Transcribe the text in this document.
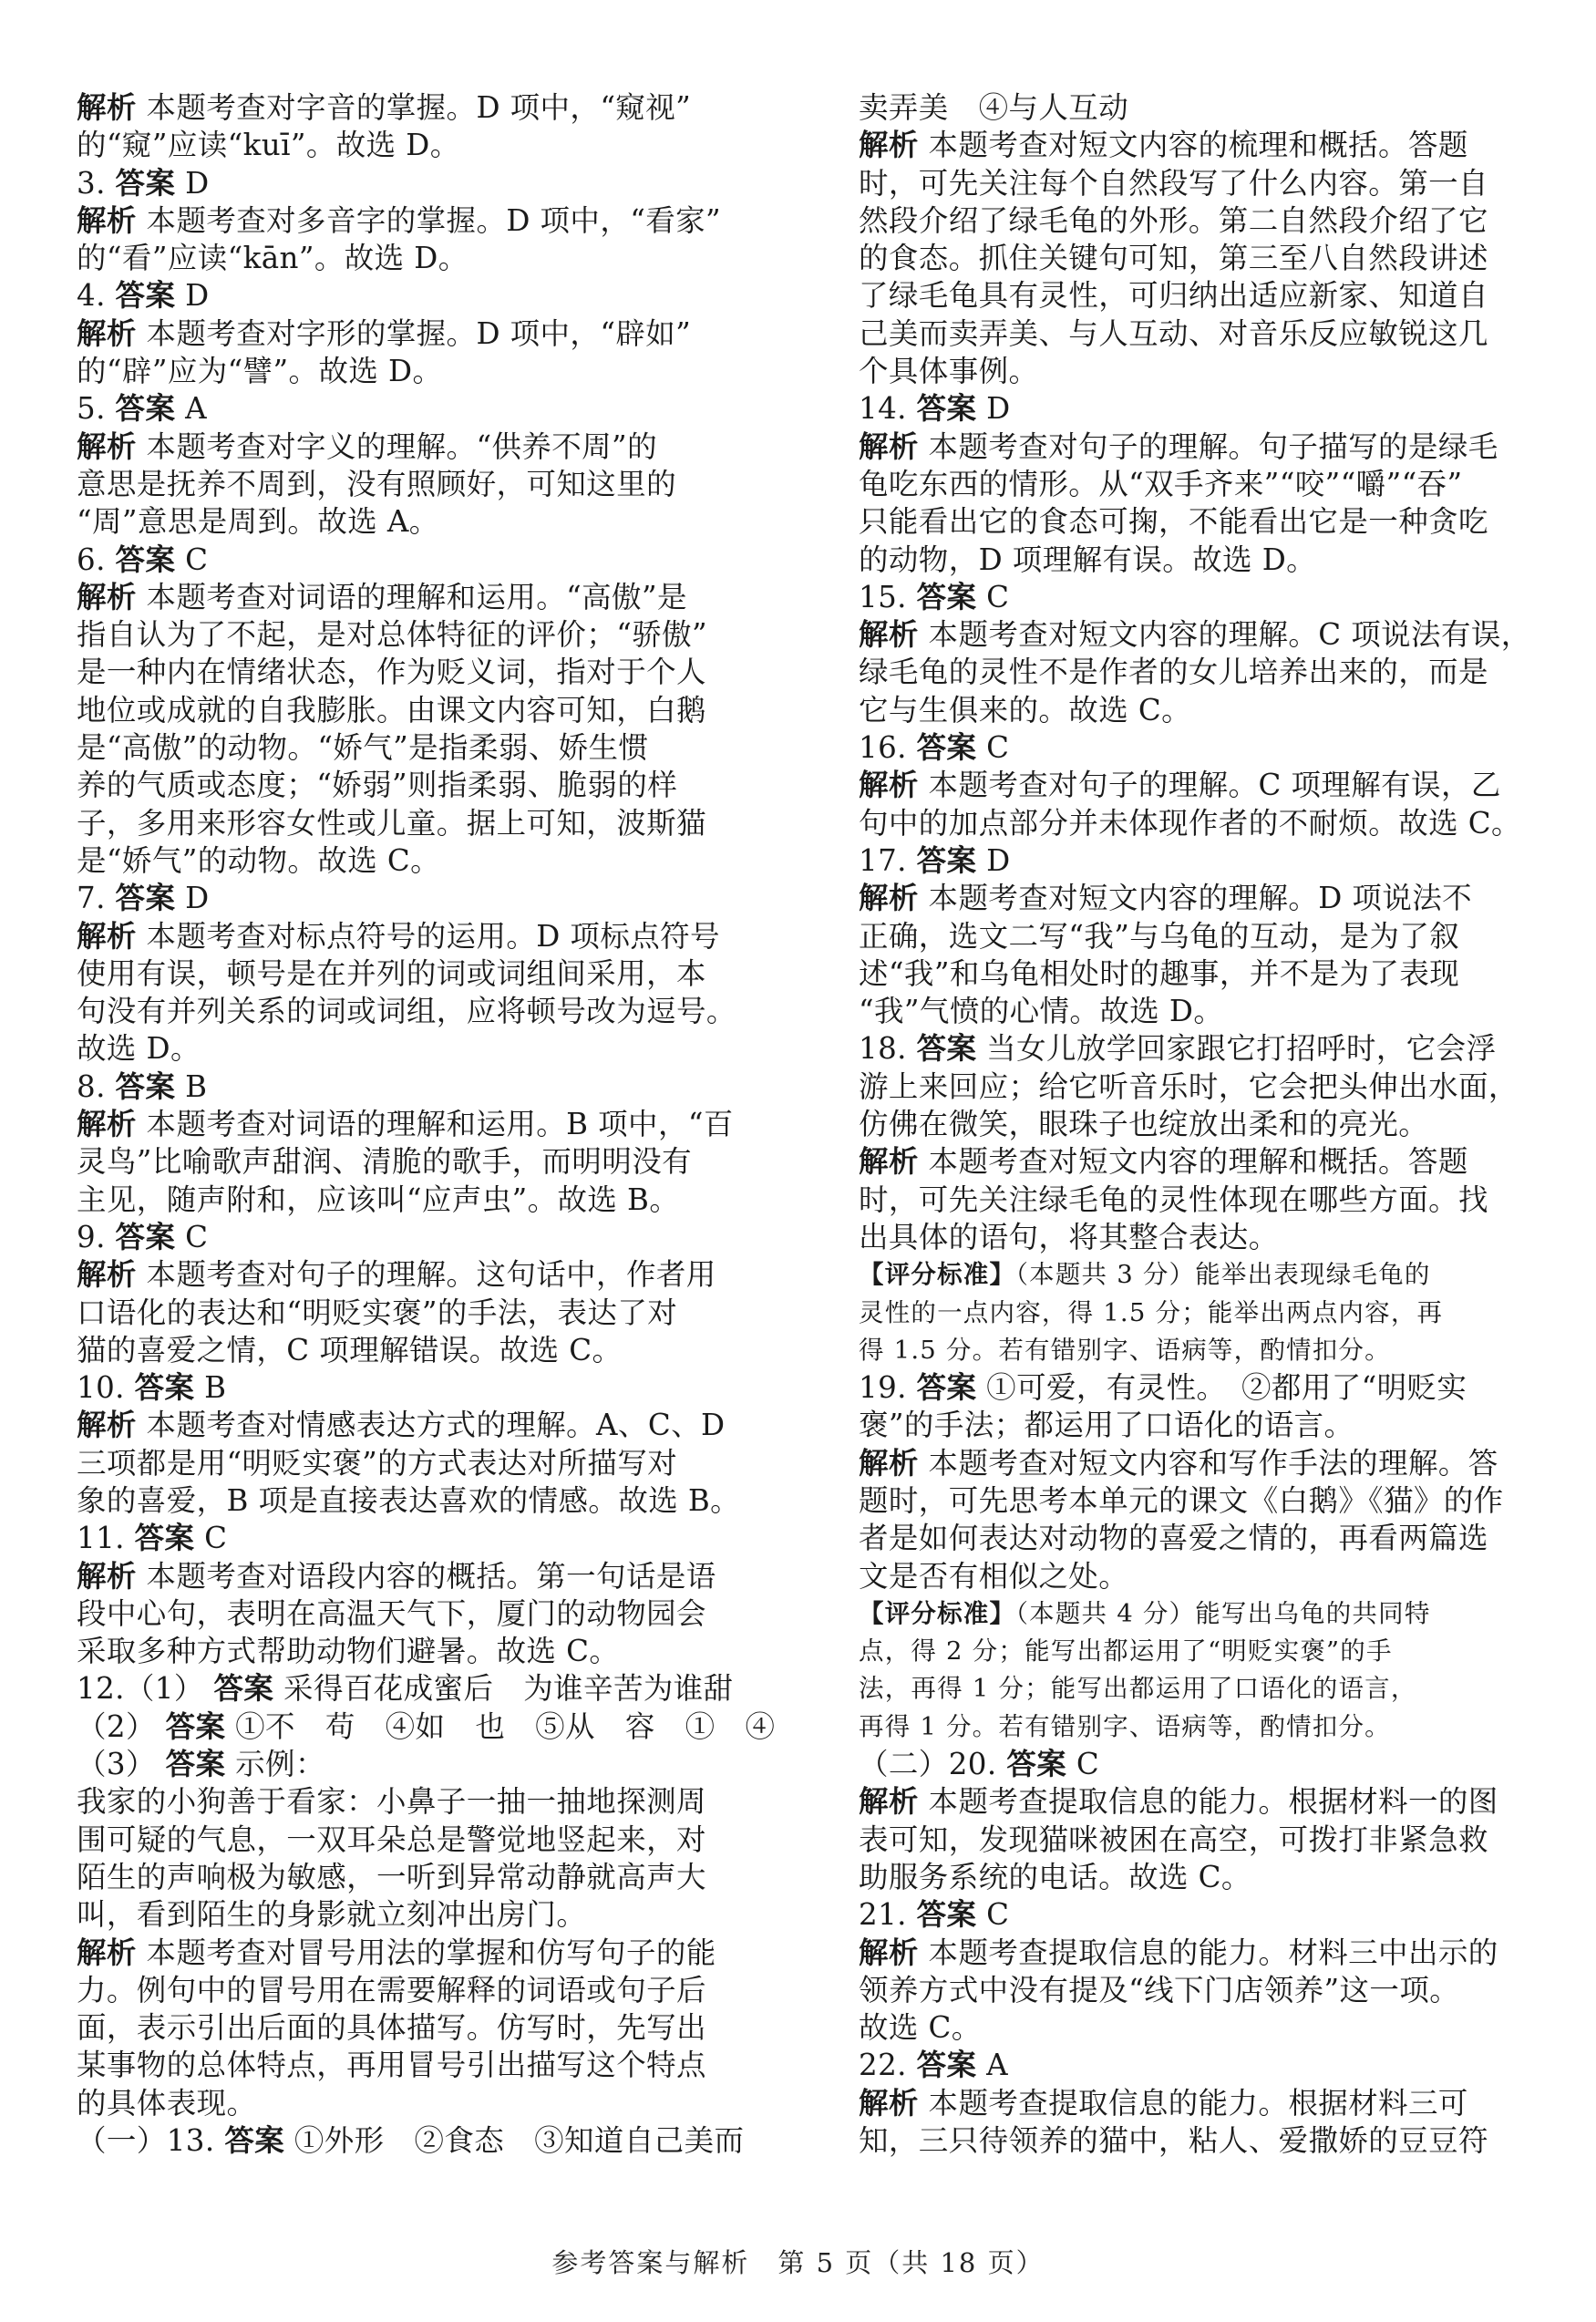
解析 本题考查对字音的掌握。D 项中，“窥视”
的“窥”应读“kuī”。故选 D。
3. 答案 D
解析 本题考查对多音字的掌握。D 项中，“看家”
的“看”应读“kān”。故选 D。
4. 答案 D
解析 本题考查对字形的掌握。D 项中，“辟如”
的“辟”应为“譬”。故选 D。
5. 答案 A
解析 本题考查对字义的理解。“供养不周”的
意思是抚养不周到，没有照顾好，可知这里的
“周”意思是周到。故选 A。
6. 答案 C
解析 本题考查对词语的理解和运用。“高傲”是
指自认为了不起，是对总体特征的评价；“骄傲”
是一种内在情绪状态，作为贬义词，指对于个人
地位或成就的自我膨胀。由课文内容可知，白鹅
是“高傲”的动物。“娇气”是指柔弱、娇生惯
养的气质或态度；“娇弱”则指柔弱、脆弱的样
子，多用来形容女性或儿童。据上可知，波斯猫
是“娇气”的动物。故选 C。
7. 答案 D
解析 本题考查对标点符号的运用。D 项标点符号
使用有误，顿号是在并列的词或词组间采用，本
句没有并列关系的词或词组，应将顿号改为逗号。
故选 D。
8. 答案 B
解析 本题考查对词语的理解和运用。B 项中，“百
灵鸟”比喻歌声甜润、清脆的歌手，而明明没有
主见，随声附和，应该叫“应声虫”。故选 B。
9. 答案 C
解析 本题考查对句子的理解。这句话中，作者用
口语化的表达和“明贬实褒”的手法，表达了对
猫的喜爱之情，C 项理解错误。故选 C。
10. 答案 B
解析 本题考查对情感表达方式的理解。A、C、D
三项都是用“明贬实褒”的方式表达对所描写对
象的喜爱，B 项是直接表达喜欢的情感。故选 B。
11. 答案 C
解析 本题考查对语段内容的概括。第一句话是语
段中心句，表明在高温天气下，厦门的动物园会
采取多种方式帮助动物们避暑。故选 C。
12.（1） 答案 采得百花成蜜后　为谁辛苦为谁甜
（2） 答案 ①不　苟　④如　也　⑤从　容　①　④
（3） 答案 示例：
我家的小狗善于看家：小鼻子一抽一抽地探测周
围可疑的气息，一双耳朵总是警觉地竖起来，对
陌生的声响极为敏感，一听到异常动静就高声大
叫，看到陌生的身影就立刻冲出房门。
解析 本题考查对冒号用法的掌握和仿写句子的能
力。例句中的冒号用在需要解释的词语或句子后
面，表示引出后面的具体描写。仿写时，先写出
某事物的总体特点，再用冒号引出描写这个特点
的具体表现。
（一）13. 答案 ①外形　②食态　③知道自己美而
卖弄美　④与人互动
解析 本题考查对短文内容的梳理和概括。答题
时，可先关注每个自然段写了什么内容。第一自
然段介绍了绿毛龟的外形。第二自然段介绍了它
的食态。抓住关键句可知，第三至八自然段讲述
了绿毛龟具有灵性，可归纳出适应新家、知道自
己美而卖弄美、与人互动、对音乐反应敏锐这几
个具体事例。
14. 答案 D
解析 本题考查对句子的理解。句子描写的是绿毛
龟吃东西的情形。从“双手齐来”“咬”“嚼”“吞”
只能看出它的食态可掬，不能看出它是一种贪吃
的动物，D 项理解有误。故选 D。
15. 答案 C
解析 本题考查对短文内容的理解。C 项说法有误，
绿毛龟的灵性不是作者的女儿培养出来的，而是
它与生俱来的。故选 C。
16. 答案 C
解析 本题考查对句子的理解。C 项理解有误，乙
句中的加点部分并未体现作者的不耐烦。故选 C。
17. 答案 D
解析 本题考查对短文内容的理解。D 项说法不
正确，选文二写“我”与乌龟的互动，是为了叙
述“我”和乌龟相处时的趣事，并不是为了表现
“我”气愤的心情。故选 D。
18. 答案 当女儿放学回家跟它打招呼时，它会浮
游上来回应；给它听音乐时，它会把头伸出水面，
仿佛在微笑，眼珠子也绽放出柔和的亮光。
解析 本题考查对短文内容的理解和概括。答题
时，可先关注绿毛龟的灵性体现在哪些方面。找
出具体的语句，将其整合表达。
【评分标准】（本题共 3 分）能举出表现绿毛龟的
灵性的一点内容，得 1.5 分；能举出两点内容，再
得 1.5 分。若有错别字、语病等，酌情扣分。
19. 答案 ①可爱，有灵性。　②都用了“明贬实
褒”的手法；都运用了口语化的语言。
解析 本题考查对短文内容和写作手法的理解。答
题时，可先思考本单元的课文《白鹅》《猫》的作
者是如何表达对动物的喜爱之情的，再看两篇选
文是否有相似之处。
【评分标准】（本题共 4 分）能写出乌龟的共同特
点，得 2 分；能写出都运用了“明贬实褒”的手
法，再得 1 分；能写出都运用了口语化的语言，
再得 1 分。若有错别字、语病等，酌情扣分。
（二）20. 答案 C
解析 本题考查提取信息的能力。根据材料一的图
表可知，发现猫咪被困在高空，可拨打非紧急救
助服务系统的电话。故选 C。
21. 答案 C
解析 本题考查提取信息的能力。材料三中出示的
领养方式中没有提及“线下门店领养”这一项。
故选 C。
22. 答案 A
解析 本题考查提取信息的能力。根据材料三可
知，三只待领养的猫中，粘人、爱撒娇的豆豆符
参考答案与解析　第 5 页（共 18 页）
